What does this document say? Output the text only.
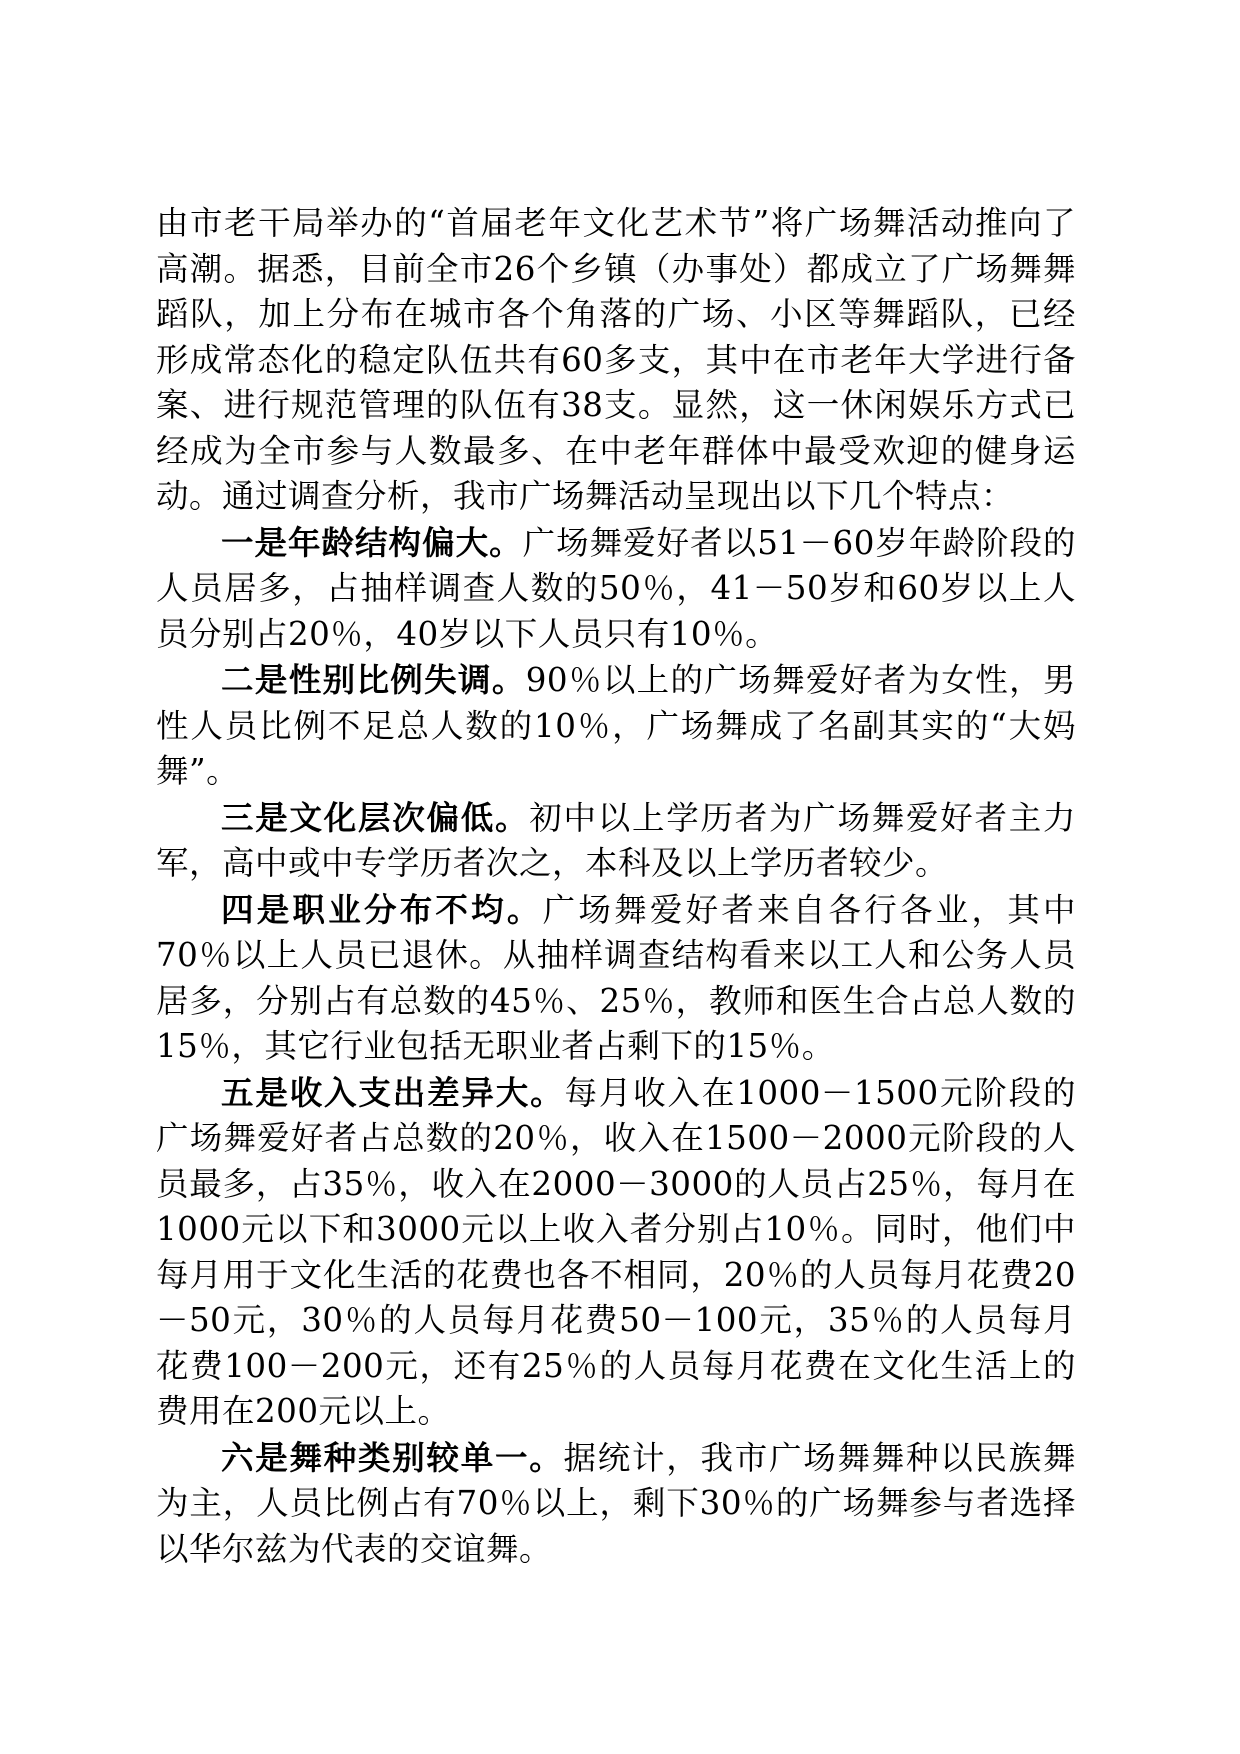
由市老干局举办的“首届老年文化艺术节”将广场舞活动推向了高潮。据悉，目前全市26个乡镇（办事处）都成立了广场舞舞蹈队，加上分布在城市各个角落的广场、小区等舞蹈队，已经形成常态化的稳定队伍共有60多支，其中在市老年大学进行备案、进行规范管理的队伍有38支。显然，这一休闲娱乐方式已经成为全市参与人数最多、在中老年群体中最受欢迎的健身运动。通过调查分析，我市广场舞活动呈现出以下几个特点：

一是年龄结构偏大。广场舞爱好者以51－60岁年龄阶段的人员居多，占抽样调查人数的50％，41－50岁和60岁以上人员分别占20％，40岁以下人员只有10％。

二是性别比例失调。90％以上的广场舞爱好者为女性，男性人员比例不足总人数的10％，广场舞成了名副其实的“大妈舞”。

三是文化层次偏低。初中以上学历者为广场舞爱好者主力军，高中或中专学历者次之，本科及以上学历者较少。

四是职业分布不均。广场舞爱好者来自各行各业，其中70％以上人员已退休。从抽样调查结构看来以工人和公务人员居多，分别占有总数的45％、25％，教师和医生合占总人数的15％，其它行业包括无职业者占剩下的15％。

五是收入支出差异大。每月收入在1000－1500元阶段的广场舞爱好者占总数的20％，收入在1500－2000元阶段的人员最多，占35％，收入在2000－3000的人员占25％，每月在1000元以下和3000元以上收入者分别占10％。同时，他们中每月用于文化生活的花费也各不相同，20％的人员每月花费20－50元，30％的人员每月花费50－100元，35％的人员每月花费100－200元，还有25％的人员每月花费在文化生活上的费用在200元以上。

六是舞种类别较单一。据统计，我市广场舞舞种以民族舞为主，人员比例占有70％以上，剩下30％的广场舞参与者选择以华尔兹为代表的交谊舞。
